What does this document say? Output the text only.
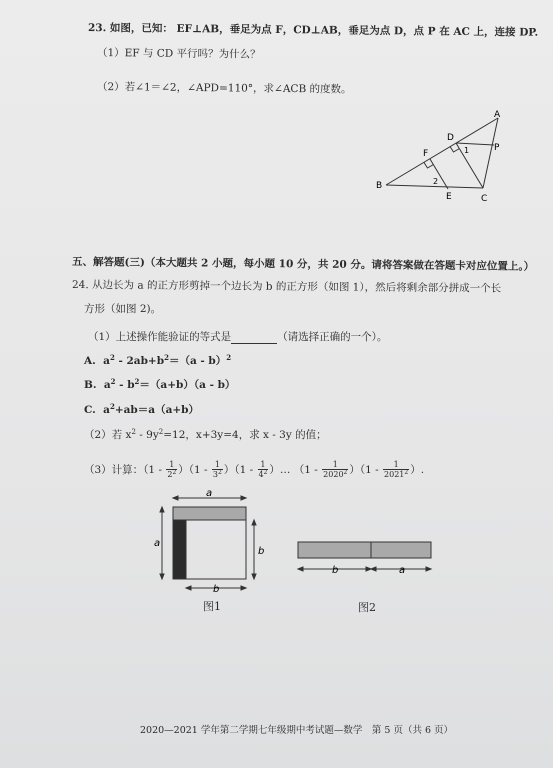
23. 如图，已知： EF⊥AB，垂足为点 F，CD⊥AB，垂足为点 D，点 P 在 AC 上，连接 DP.
（1）EF 与 CD 平行吗？为什么？
（2）若∠1＝∠2，∠APD=110°，求∠ACB 的度数。
A
B
C
D
E
F
P
1
2
五、解答题(三)（本大题共 2 小题，每小题 10 分，共 20 分。请将答案做在答题卡对应位置上。）
24. 从边长为 a 的正方形剪掉一个边长为 b 的正方形（如图 1），然后将剩余部分拼成一个长
方形（如图 2)。
（1）上述操作能验证的等式是	（请选择正确的一个）。
A.  $a^2 - 2ab+b^2=(a - b)^2$
B.  $a^2 - b^2=(a+b)(a - b)$
C.  $a^2+ab=a(a+b)$
（2）若 $x^2 - 9y^2=12$，x+3y=4，求 x - 3y 的值；
（3）计算：$(1 - \frac{1}{2^2} )(1 - \frac{1}{3^2} )(1 - \frac{1}{4^2}$ ）… $(1 - \frac{1}{2020^2} )(1 - \frac{1}{2021^2}$ ）.
a
a
b
b
图1
b	a
图2
2020—2021 学年第二学期七年级期中考试题—数学　第 5 页（共 6 页）
